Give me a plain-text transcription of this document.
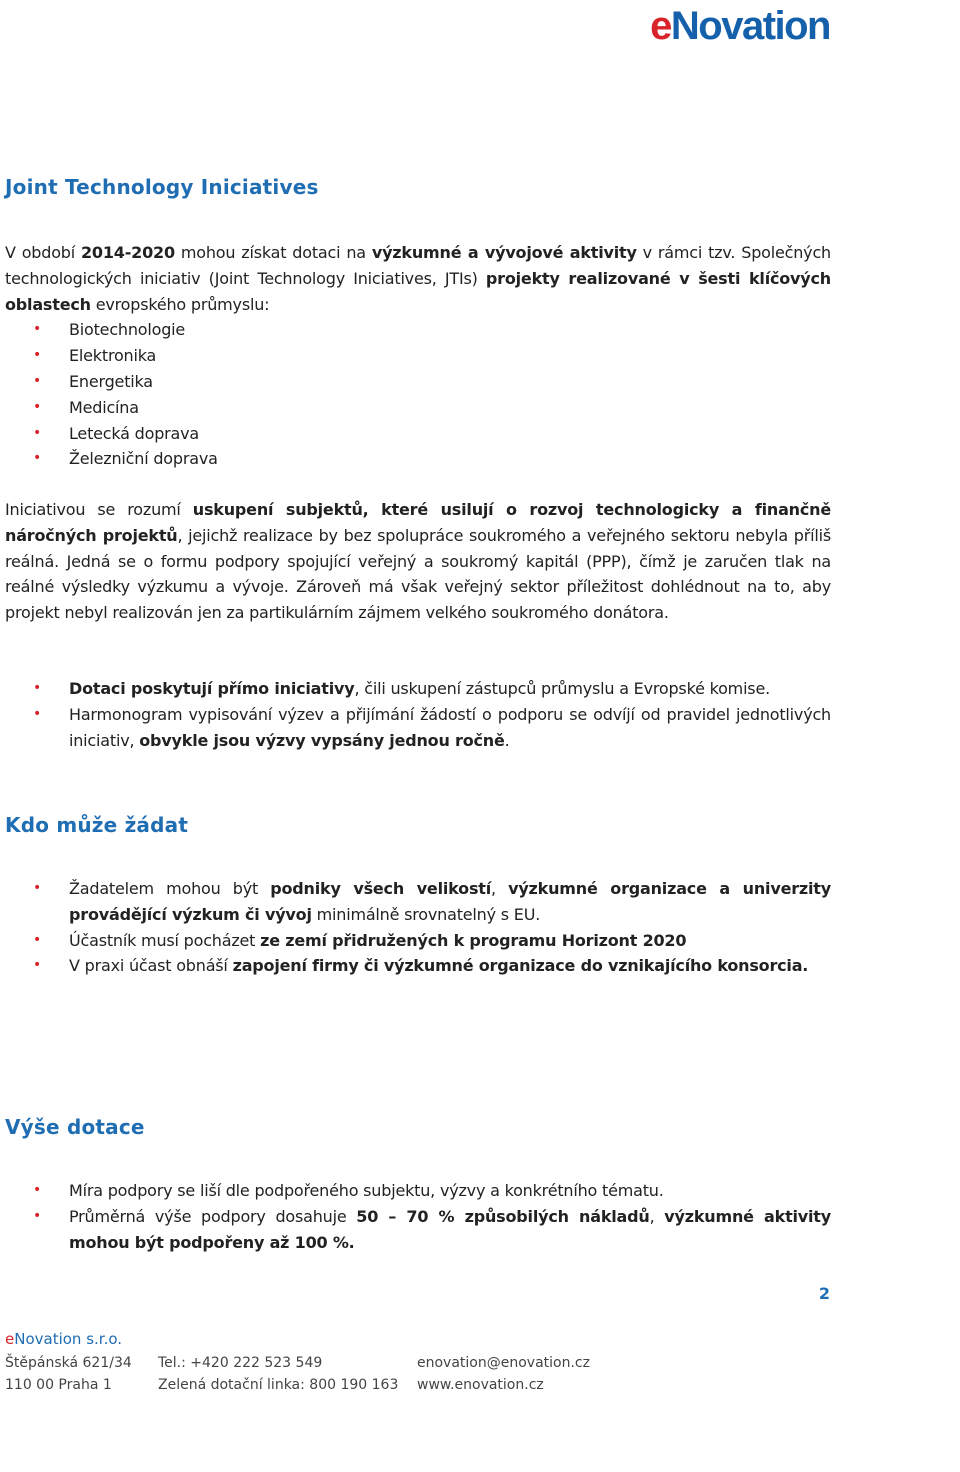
eNovation
Joint Technology Iniciatives

V období 2014-2020 mohou získat dotaci na výzkumné a vývojové aktivity v rámci tzv. Společných technologických iniciativ (Joint Technology Iniciatives, JTIs) projekty realizované v šesti klíčových oblastech evropského průmyslu:

• Biotechnologie
• Elektronika
• Energetika
• Medicína
• Letecká doprava
• Železniční doprava

Iniciativou se rozumí uskupení subjektů, které usilují o rozvoj technologicky a finančně náročných projektů, jejichž realizace by bez spolupráce soukromého a veřejného sektoru nebyla příliš reálná. Jedná se o formu podpory spojující veřejný a soukromý kapitál (PPP), čímž je zaručen tlak na reálné výsledky výzkumu a vývoje. Zároveň má však veřejný sektor příležitost dohlédnout na to, aby projekt nebyl realizován jen za partikulárním zájmem velkého soukromého donátora.

• Dotaci poskytují přímo iniciativy, čili uskupení zástupců průmyslu a Evropské komise.
• Harmonogram vypisování výzev a přijímání žádostí o podporu se odvíjí od pravidel jednotlivých iniciativ, obvykle jsou výzvy vypsány jednou ročně.
Kdo může žádat
• Žadatelem mohou být podniky všech velikostí, výzkumné organizace a univerzity provádějící výzkum či vývoj minimálně srovnatelný s EU.
• Účastník musí pocházet ze zemí přidružených k programu Horizont 2020
• V praxi účast obnáší zapojení firmy či výzkumné organizace do vznikajícího konsorcia.
Výše dotace
• Míra podpory se liší dle podpořeného subjektu, výzvy a konkrétního tématu.
• Průměrná výše podpory dosahuje 50 – 70 % způsobilých nákladů, výzkumné aktivity mohou být podpořeny až 100 %.
2
eNovation s.r.o.
Štěpánská 621/34	Tel.: +420 222 523 549	enovation@enovation.cz
110 00 Praha 1	Zelená dotační linka: 800 190 163	www.enovation.cz
